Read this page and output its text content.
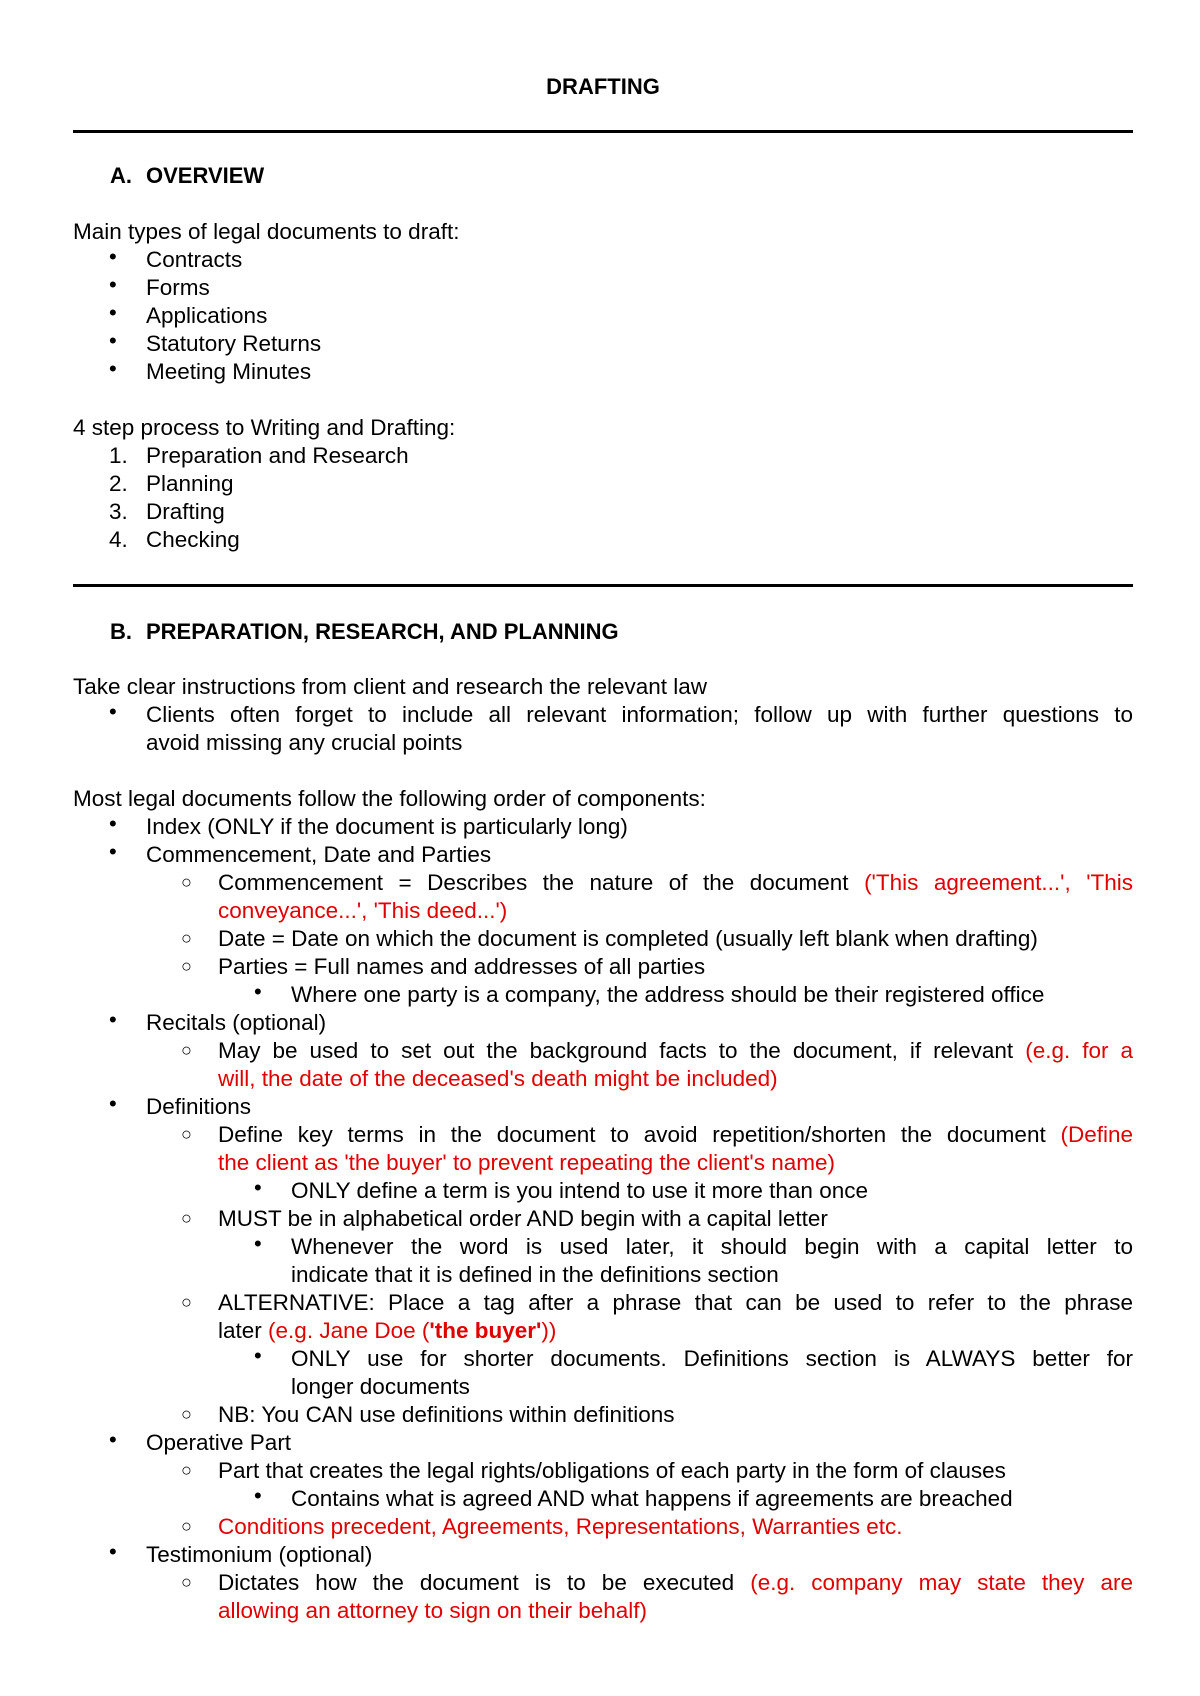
DRAFTING
A. OVERVIEW
Main types of legal documents to draft:
• Contracts
• Forms
• Applications
• Statutory Returns
• Meeting Minutes
4 step process to Writing and Drafting:
1. Preparation and Research
2. Planning
3. Drafting
4. Checking
B. PREPARATION, RESEARCH, AND PLANNING
Take clear instructions from client and research the relevant law
• Clients often forget to include all relevant information; follow up with further questions to
avoid missing any crucial points
Most legal documents follow the following order of components:
• Index (ONLY if the document is particularly long)
• Commencement, Date and Parties
○ Commencement = Describes the nature of the document ('This agreement...', 'This
conveyance...', 'This deed...')
○ Date = Date on which the document is completed (usually left blank when drafting)
○ Parties = Full names and addresses of all parties
• Where one party is a company, the address should be their registered office
• Recitals (optional)
○ May be used to set out the background facts to the document, if relevant (e.g. for a
will, the date of the deceased's death might be included)
• Definitions
○ Define key terms in the document to avoid repetition/shorten the document (Define
the client as 'the buyer' to prevent repeating the client's name)
• ONLY define a term is you intend to use it more than once
○ MUST be in alphabetical order AND begin with a capital letter
• Whenever the word is used later, it should begin with a capital letter to
indicate that it is defined in the definitions section
○ ALTERNATIVE: Place a tag after a phrase that can be used to refer to the phrase
later (e.g. Jane Doe ('the buyer'))
• ONLY use for shorter documents. Definitions section is ALWAYS better for
longer documents
○ NB: You CAN use definitions within definitions
• Operative Part
○ Part that creates the legal rights/obligations of each party in the form of clauses
• Contains what is agreed AND what happens if agreements are breached
○ Conditions precedent, Agreements, Representations, Warranties etc.
• Testimonium (optional)
○ Dictates how the document is to be executed (e.g. company may state they are
allowing an attorney to sign on their behalf)
